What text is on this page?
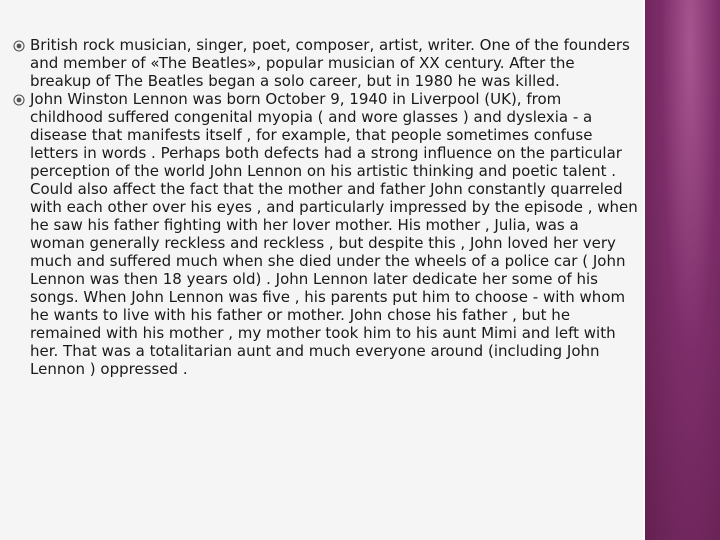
British rock musician, singer, poet, composer, artist, writer. One of the founders and member of «The Beatles», popular musician of XX century. After the breakup of The Beatles began a solo career, but in 1980 he was killed.
John Winston Lennon was born October 9, 1940 in Liverpool (UK), from childhood suffered congenital myopia ( and wore glasses ) and dyslexia - a disease that manifests itself , for example, that people sometimes confuse letters in words . Perhaps both defects had a strong influence on the particular perception of the world John Lennon on his artistic thinking and poetic talent . Could also affect the fact that the mother and father John constantly quarreled with each other over his eyes , and particularly impressed by the episode , when he saw his father fighting with her lover mother. His mother , Julia, was a woman generally reckless and reckless , but despite this , John loved her very much and suffered much when she died under the wheels of a police car ( John Lennon was then 18 years old) . John Lennon later dedicate her some of his songs. When John Lennon was five , his parents put him to choose - with whom he wants to live with his father or mother. John chose his father , but he remained with his mother , my mother took him to his aunt Mimi and left with her. That was a totalitarian aunt and much everyone around (including John Lennon ) oppressed .
